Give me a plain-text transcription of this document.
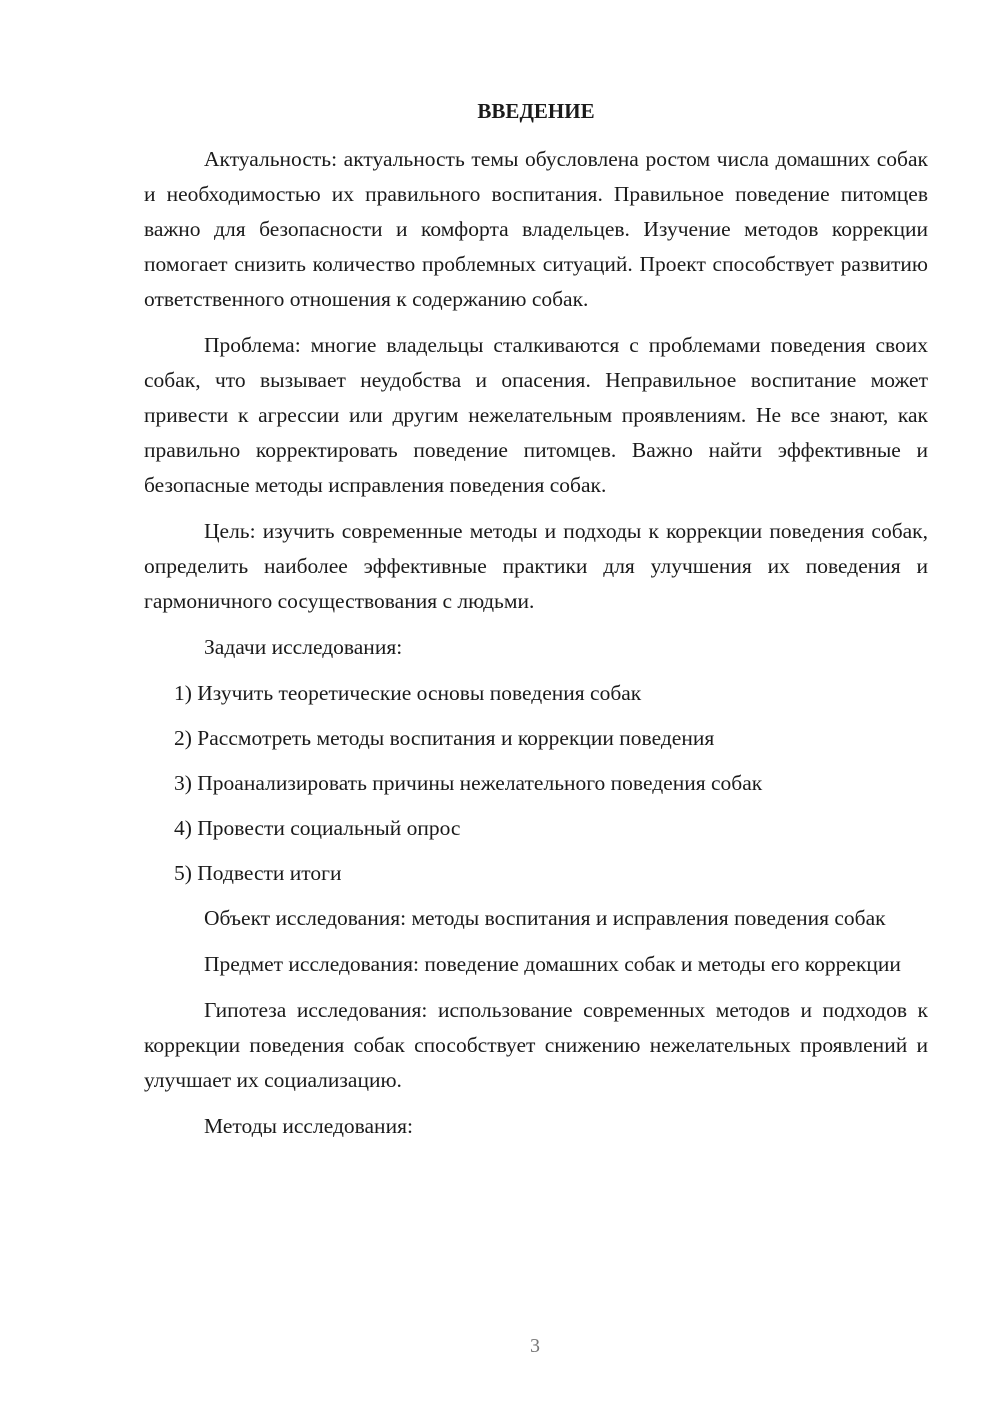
ВВЕДЕНИЕ
Актуальность: актуальность темы обусловлена ростом числа домашних собак и необходимостью их правильного воспитания. Правильное поведение питомцев важно для безопасности и комфорта владельцев. Изучение методов коррекции помогает снизить количество проблемных ситуаций. Проект способствует развитию ответственного отношения к содержанию собак.
Проблема: многие владельцы сталкиваются с проблемами поведения своих собак, что вызывает неудобства и опасения. Неправильное воспитание может привести к агрессии или другим нежелательным проявлениям. Не все знают, как правильно корректировать поведение питомцев. Важно найти эффективные и безопасные методы исправления поведения собак.
Цель: изучить современные методы и подходы к коррекции поведения собак, определить наиболее эффективные практики для улучшения их поведения и гармоничного сосуществования с людьми.
Задачи исследования:
1) Изучить теоретические основы поведения собак
2) Рассмотреть методы воспитания и коррекции поведения
3) Проанализировать причины нежелательного поведения собак
4) Провести социальный опрос
5) Подвести итоги
Объект исследования: методы воспитания и исправления поведения собак
Предмет исследования: поведение домашних собак и методы его коррекции
Гипотеза исследования: использование современных методов и подходов к коррекции поведения собак способствует снижению нежелательных проявлений и улучшает их социализацию.
Методы исследования:
3
